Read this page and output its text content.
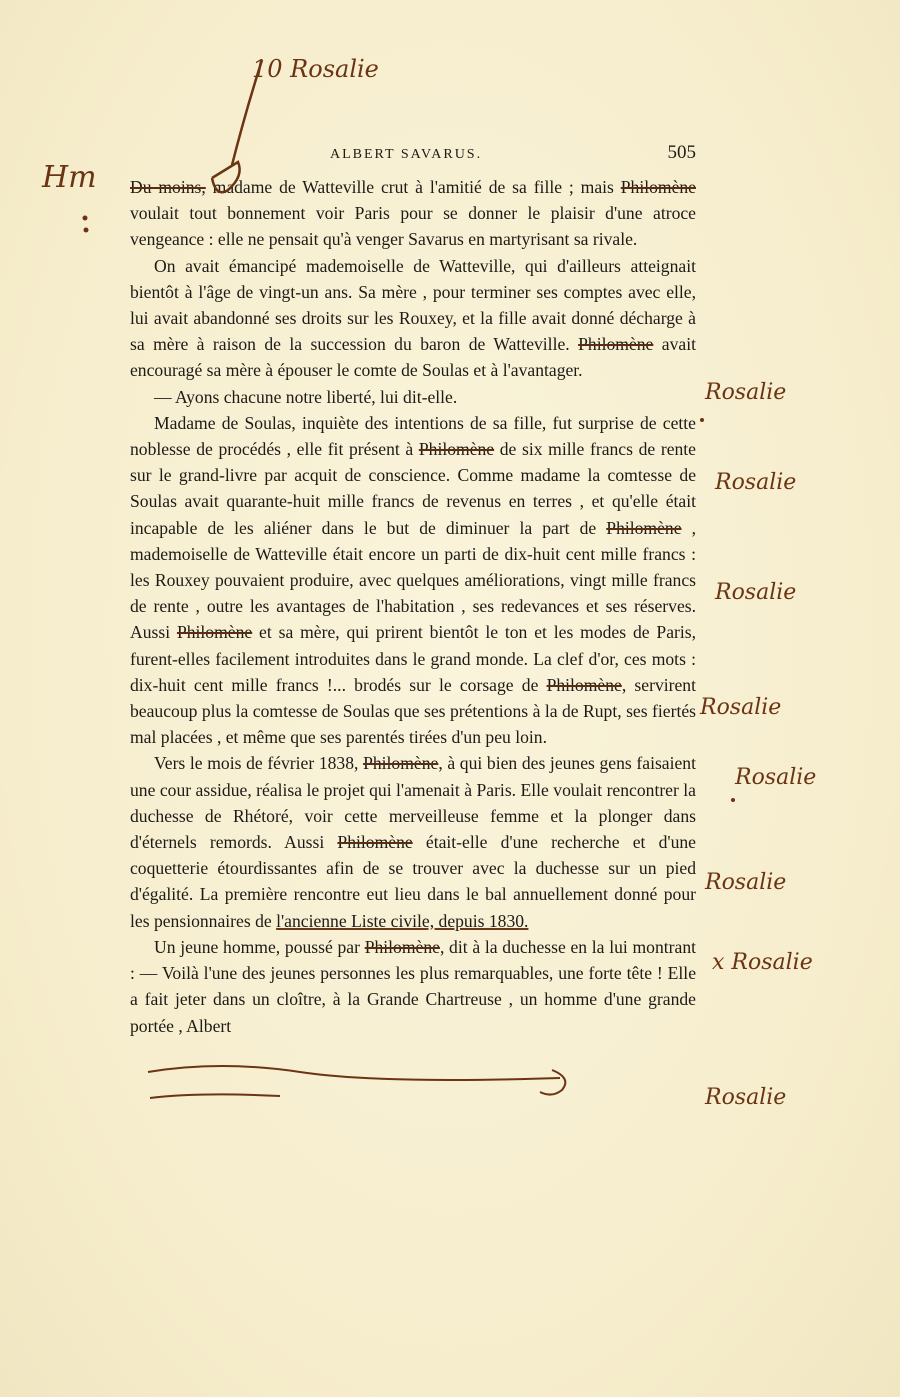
ALBERT SAVARUS.	505

Du moins, madame de Watteville crut à l'amitié de sa fille ; mais Philomène voulait tout bonnement voir Paris pour se donner le plaisir d'une atroce vengeance : elle ne pensait qu'à venger Savarus en martyrisant sa rivale.

On avait émancipé mademoiselle de Watteville, qui d'ailleurs atteignait bientôt à l'âge de vingt-un ans. Sa mère , pour terminer ses comptes avec elle, lui avait abandonné ses droits sur les Rouxey, et la fille avait donné décharge à sa mère à raison de la succession du baron de Watteville. Philomène avait encouragé sa mère à épouser le comte de Soulas et à l'avantager.

— Ayons chacune notre liberté, lui dit-elle.

Madame de Soulas, inquiète des intentions de sa fille, fut surprise de cette noblesse de procédés , elle fit présent à Philomène de six mille francs de rente sur le grand-livre par acquit de conscience. Comme madame la comtesse de Soulas avait quarante-huit mille francs de revenus en terres , et qu'elle était incapable de les aliéner dans le but de diminuer la part de Philomène , mademoiselle de Watteville était encore un parti de dix-huit cent mille francs : les Rouxey pouvaient produire, avec quelques améliorations, vingt mille francs de rente , outre les avantages de l'habitation , ses redevances et ses réserves. Aussi Philomène et sa mère, qui prirent bientôt le ton et les modes de Paris, furent-elles facilement introduites dans le grand monde. La clef d'or, ces mots : dix-huit cent mille francs !... brodés sur le corsage de Philomène, servirent beaucoup plus la comtesse de Soulas que ses prétentions à la de Rupt, ses fiertés mal placées , et même que ses parentés tirées d'un peu loin.

Vers le mois de février 1838, Philomène, à qui bien des jeunes gens faisaient une cour assidue, réalisa le projet qui l'amenait à Paris. Elle voulait rencontrer la duchesse de Rhétoré, voir cette merveilleuse femme et la plonger dans d'éternels remords. Aussi Philomène était-elle d'une recherche et d'une coquetterie étourdissantes afin de se trouver avec la duchesse sur un pied d'égalité. La première rencontre eut lieu dans le bal annuellement donné pour les pensionnaires de l'ancienne Liste civile, depuis 1830.

Un jeune homme, poussé par Philomène, dit à la duchesse en la lui montrant : — Voilà l'une des jeunes personnes les plus remarquables, une forte tête ! Elle a fait jeter dans un cloître, à la Grande Chartreuse , un homme d'une grande portée , Albert

10 Rosalie
Hm
Rosalie
Rosalie
Rosalie
Rosalie
Rosalie
Rosalie
x Rosalie
Rosalie
